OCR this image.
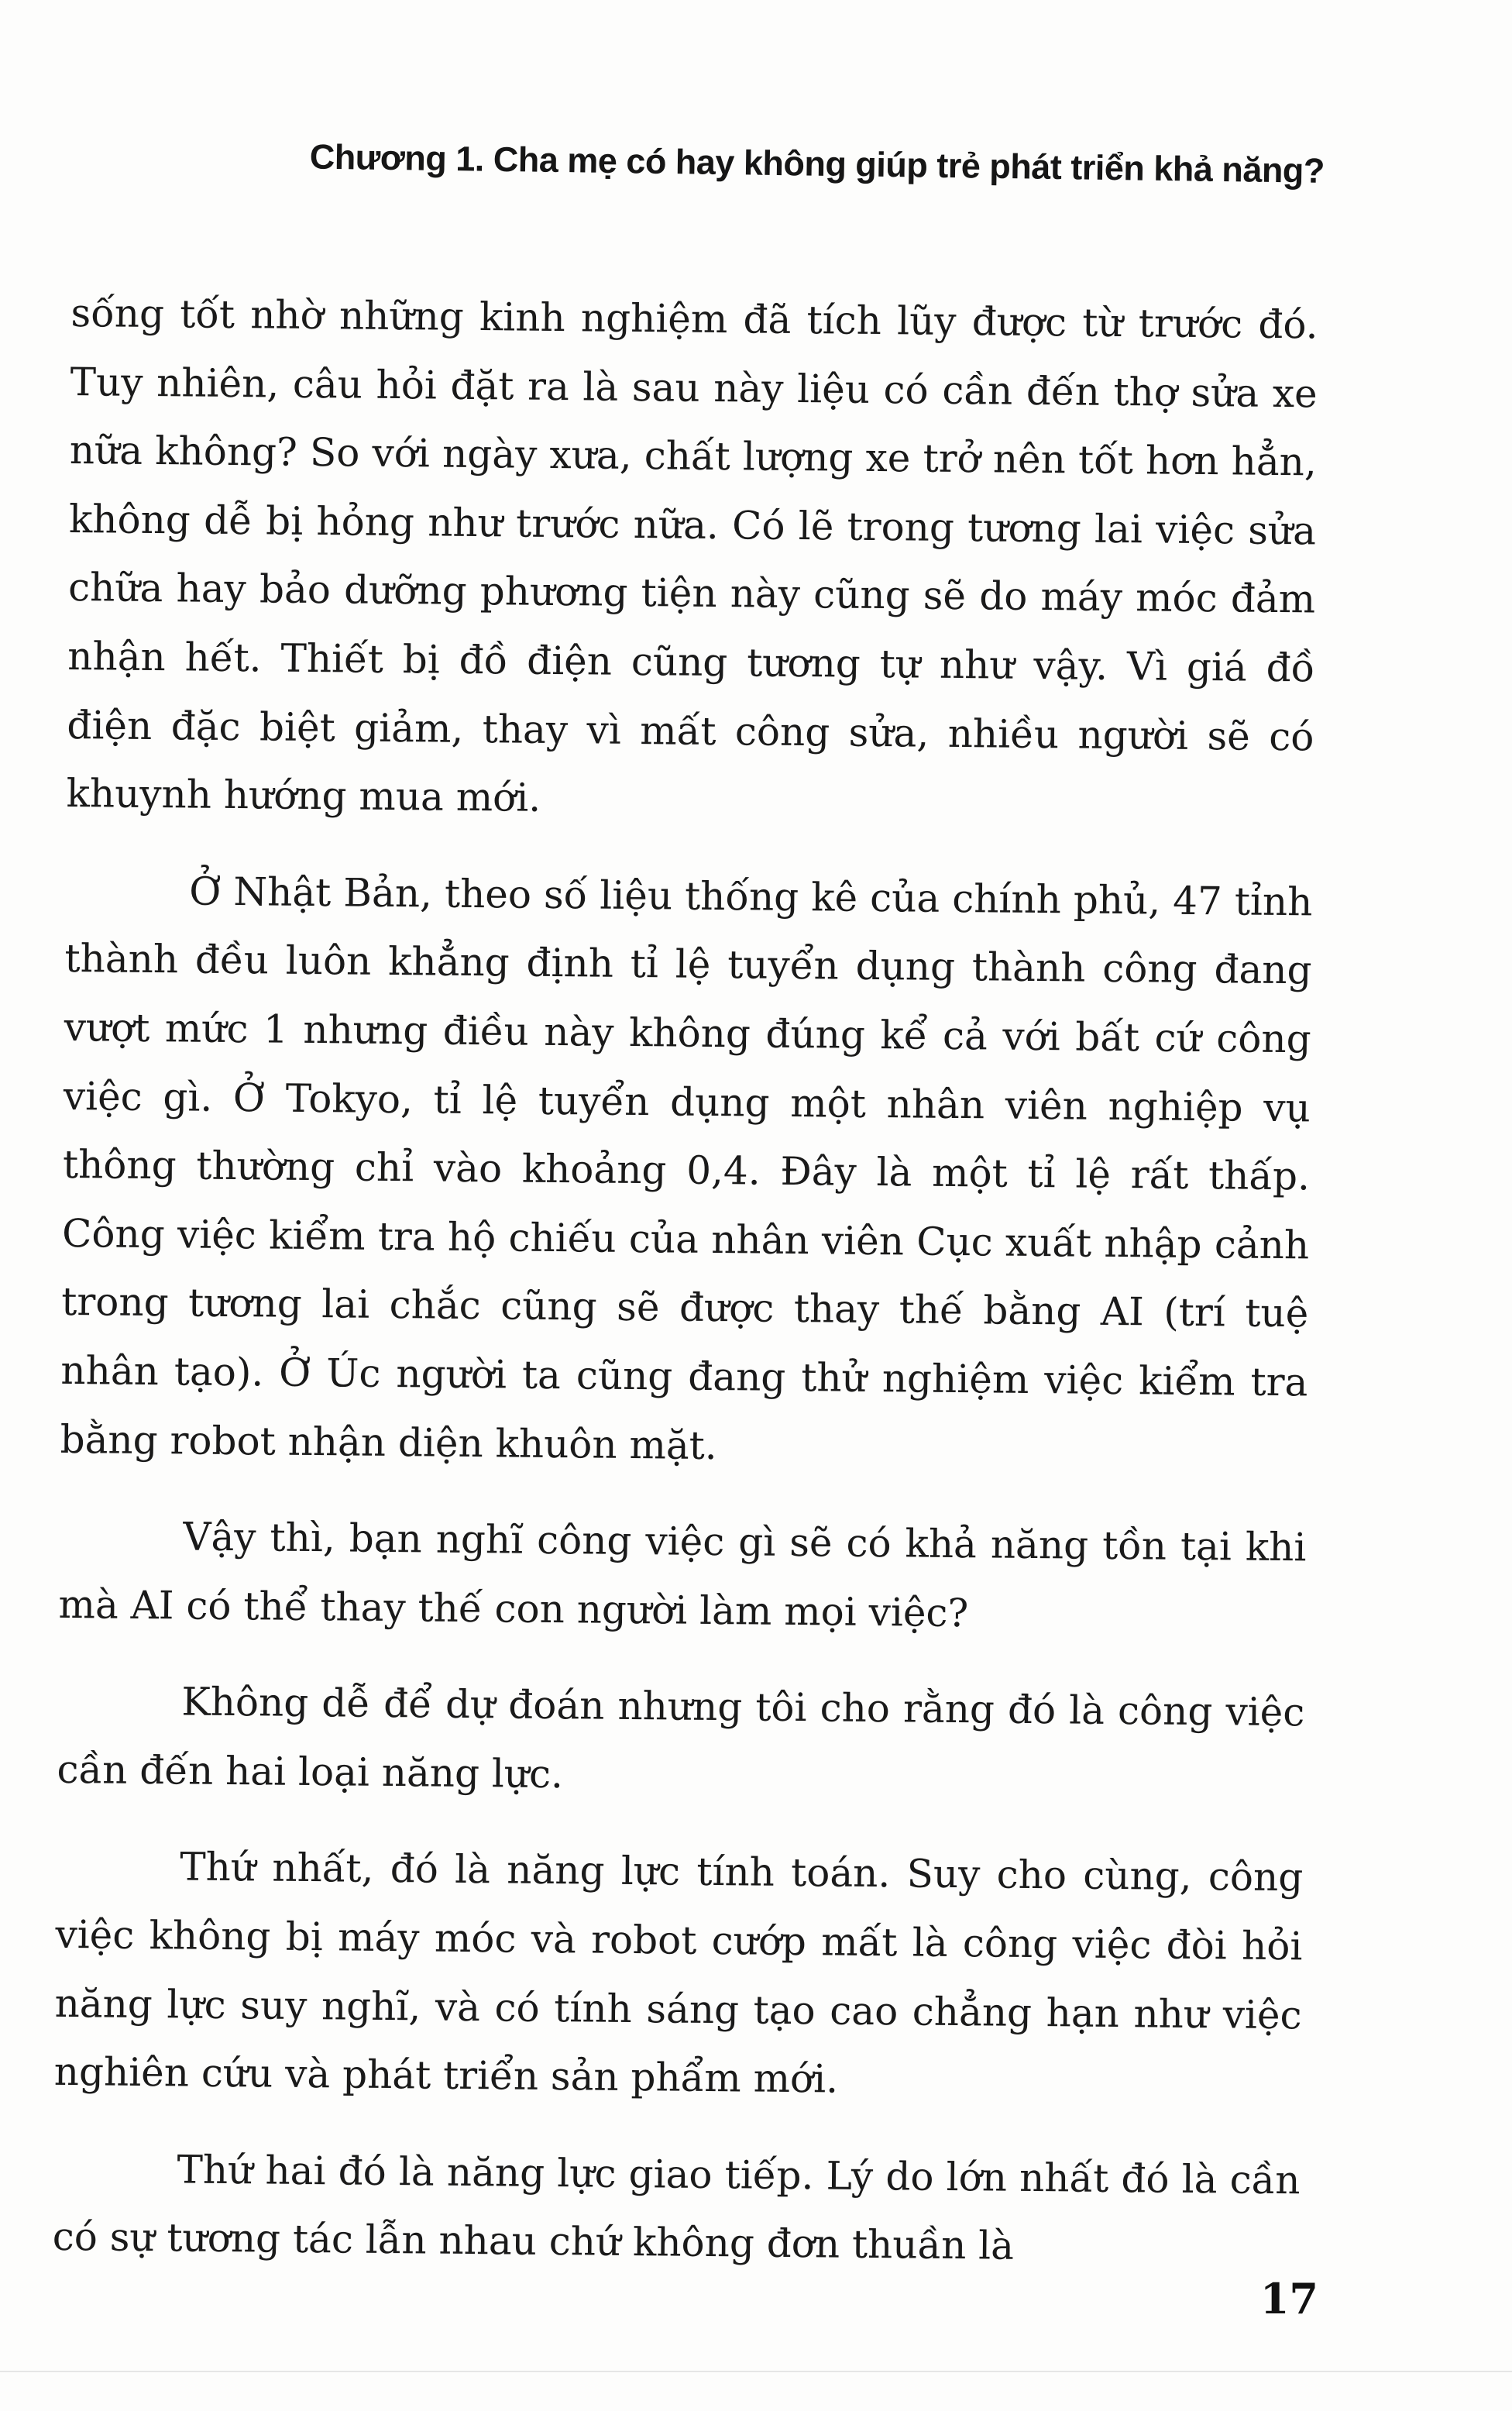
Chương 1. Cha mẹ có hay không giúp trẻ phát triển khả năng?

sống tốt nhờ những kinh nghiệm đã tích lũy được từ trước đó. Tuy nhiên, câu hỏi đặt ra là sau này liệu có cần đến thợ sửa xe nữa không? So với ngày xưa, chất lượng xe trở nên tốt hơn hẳn, không dễ bị hỏng như trước nữa. Có lẽ trong tương lai việc sửa chữa hay bảo dưỡng phương tiện này cũng sẽ do máy móc đảm nhận hết. Thiết bị đồ điện cũng tương tự như vậy. Vì giá đồ điện đặc biệt giảm, thay vì mất công sửa, nhiều người sẽ có khuynh hướng mua mới.

Ở Nhật Bản, theo số liệu thống kê của chính phủ, 47 tỉnh thành đều luôn khẳng định tỉ lệ tuyển dụng thành công đang vượt mức 1 nhưng điều này không đúng kể cả với bất cứ công việc gì. Ở Tokyo, tỉ lệ tuyển dụng một nhân viên nghiệp vụ thông thường chỉ vào khoảng 0,4. Đây là một tỉ lệ rất thấp. Công việc kiểm tra hộ chiếu của nhân viên Cục xuất nhập cảnh trong tương lai chắc cũng sẽ được thay thế bằng AI (trí tuệ nhân tạo). Ở Úc người ta cũng đang thử nghiệm việc kiểm tra bằng robot nhận diện khuôn mặt.

Vậy thì, bạn nghĩ công việc gì sẽ có khả năng tồn tại khi mà AI có thể thay thế con người làm mọi việc?

Không dễ để dự đoán nhưng tôi cho rằng đó là công việc cần đến hai loại năng lực.

Thứ nhất, đó là năng lực tính toán. Suy cho cùng, công việc không bị máy móc và robot cướp mất là công việc đòi hỏi năng lực suy nghĩ, và có tính sáng tạo cao chẳng hạn như việc nghiên cứu và phát triển sản phẩm mới.

Thứ hai đó là năng lực giao tiếp. Lý do lớn nhất đó là cần có sự tương tác lẫn nhau chứ không đơn thuần là

17
